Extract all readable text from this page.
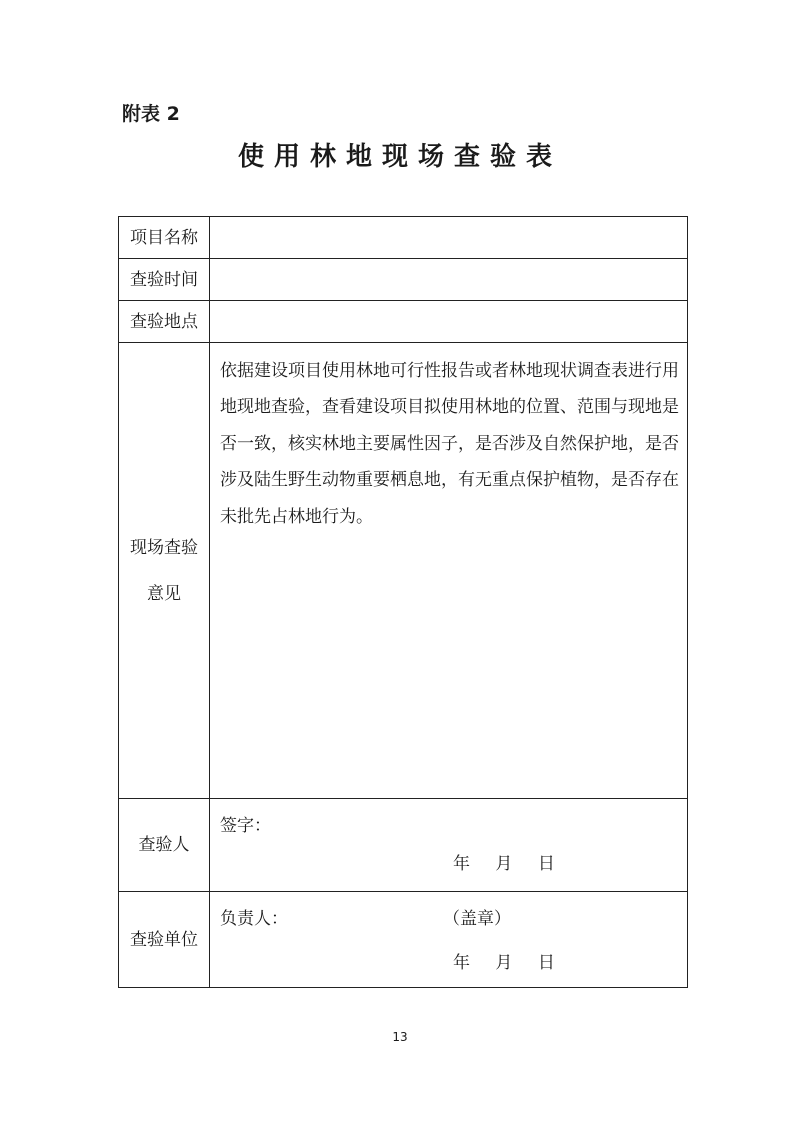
附表 2
使用林地现场查验表
项目名称	
查验时间	
查验地点	

现场查验
意见	依据建设项目使用林地可行性报告或者林地现状调查表进行用地现地查验，查看建设项目拟使用林地的位置、范围与现地是否一致，核实林地主要属性因子，是否涉及自然保护地，是否涉及陆生野生动物重要栖息地，有无重点保护植物，是否存在未批先占林地行为。

查验人	签字：
年 月 日

查验单位	负责人： （盖章）
年 月 日
13
